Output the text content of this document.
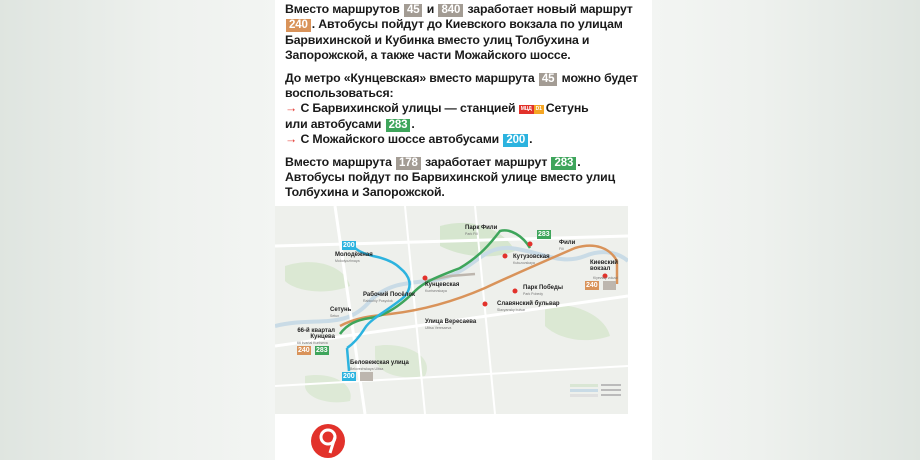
Вместо маршрутов 45 и 840 заработает новый маршрут 240 . Автобусы пойдут до Киевского вокзала по улицам Барвихинской и Кубинка вместо улиц Толбухина и Запорожской, а также части Можайского шоссе.

До метро «Кунцевская» вместо маршрута 45 можно будет воспользоваться:
→ С Барвихинской улицы — станцией МЦД D1 Сетунь
или автобусами 283 .
→ С Можайского шоссе автобусами 200 .

Вместо маршрута 178 заработает маршрут 283 . Автобусы пойдут по Барвихинской улице вместо улиц Толбухина и Запорожской.

Парк Фили
Park Fili	283
Фили
Fili
200
Молодёжная
Molodyozhnaya
Кутузовская
Kutuzovskaya	Киевский вокзал
Kiyevsky vokzal
240
Кунцевская
Kuntsevskaya
Рабочий Посёлок
Rabochiy Posyolok
Парк Победы
Park Pobedy
Славянский бульвар
Slavyansky bulvar
Сетунь
Setun
Улица Вересаева
Ulitsa Veresaeva
66-й квартал Кунцева
66 kvartal Kuntseva
240 283
Беловежская улица
Belovezhskaya Ulitsa
200
